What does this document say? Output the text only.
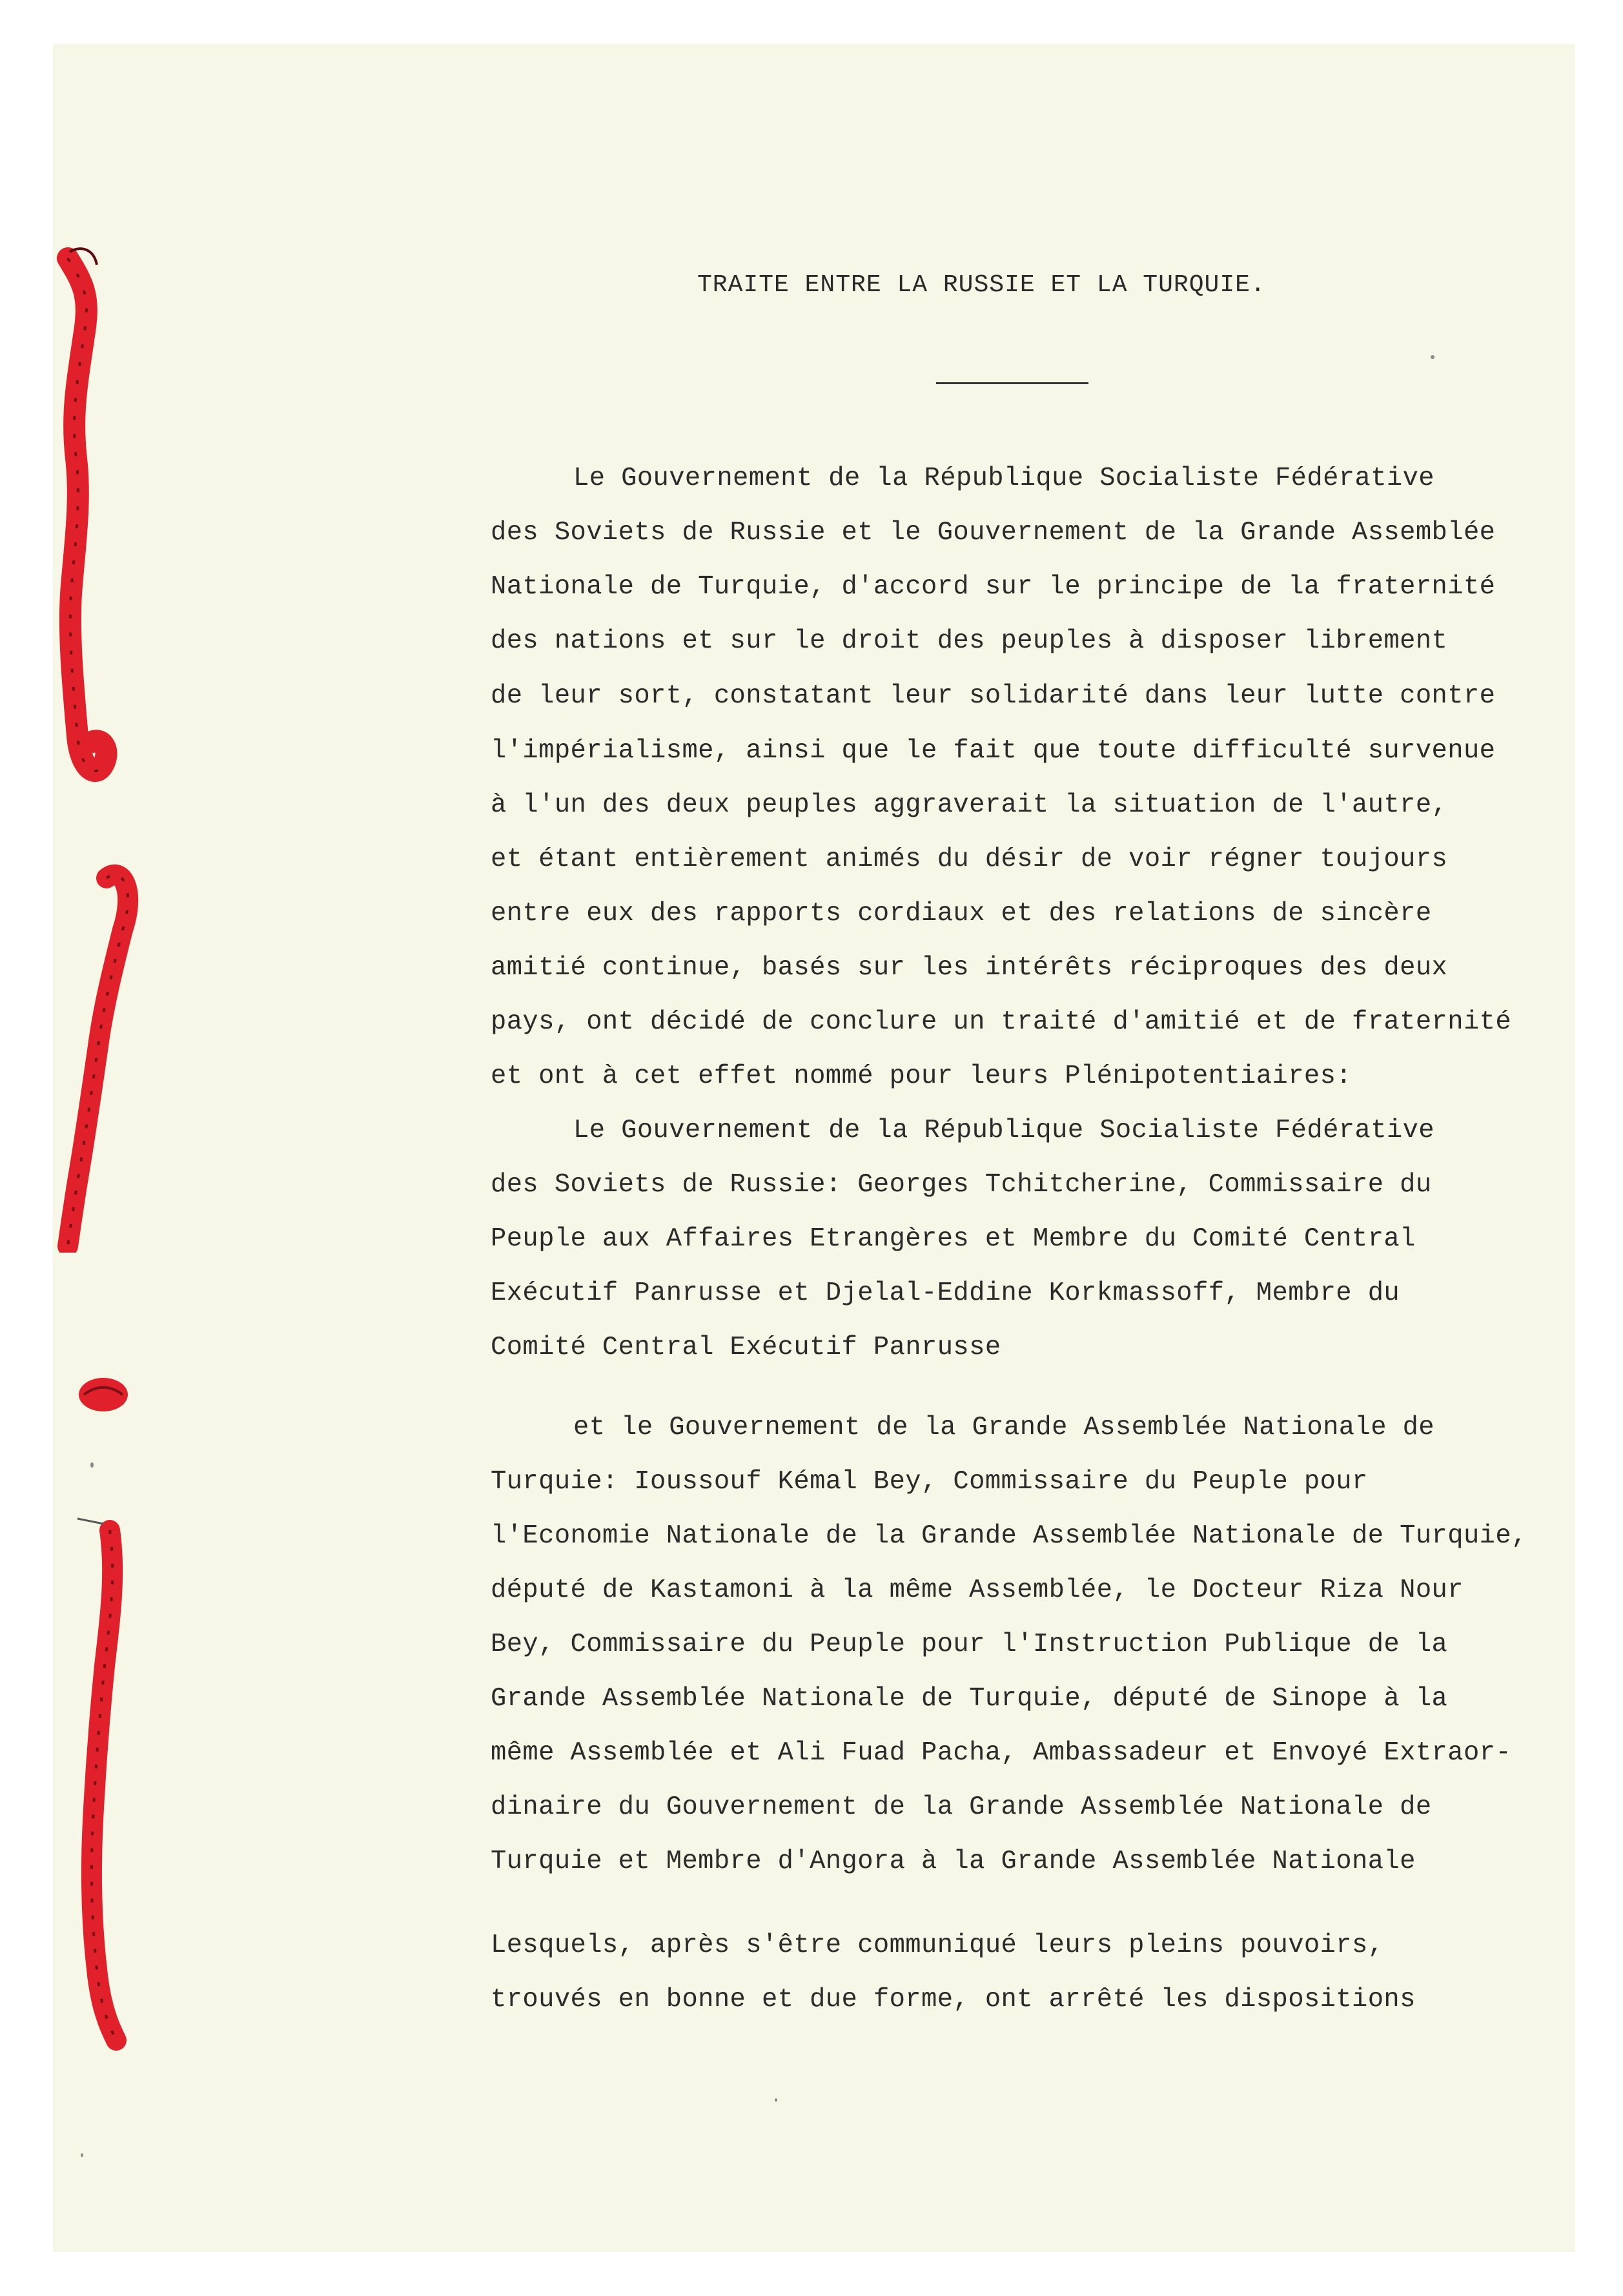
TRAITE ENTRE LA RUSSIE ET LA TURQUIE.
Le Gouvernement de la République Socialiste Fédérative
des Soviets de Russie et le Gouvernement de la Grande Assemblée
Nationale de Turquie, d'accord sur le principe de la fraternité
des nations et sur le droit des peuples à disposer librement
de leur sort, constatant leur solidarité dans leur lutte contre
l'impérialisme, ainsi que le fait que toute difficulté survenue
à l'un des deux peuples aggraverait la situation de l'autre,
et étant entièrement animés du désir de voir régner toujours
entre eux des rapports cordiaux et des relations de sincère
amitié continue, basés sur les intérêts réciproques des deux
pays, ont décidé de conclure un traité d'amitié et de fraternité
et ont à cet effet nommé pour leurs Plénipotentiaires:
Le Gouvernement de la République Socialiste Fédérative
des Soviets de Russie: Georges Tchitcherine, Commissaire du
Peuple aux Affaires Etrangères et Membre du Comité Central
Exécutif Panrusse et Djelal-Eddine Korkmassoff, Membre du
Comité Central Exécutif Panrusse
et le Gouvernement de la Grande Assemblée Nationale de
Turquie: Ioussouf Kémal Bey, Commissaire du Peuple pour
l'Economie Nationale de la Grande Assemblée Nationale de Turquie,
député de Kastamoni à la même Assemblée, le Docteur Riza Nour
Bey, Commissaire du Peuple pour l'Instruction Publique de la
Grande Assemblée Nationale de Turquie, député de Sinope à la
même Assemblée et Ali Fuad Pacha, Ambassadeur et Envoyé Extraor-
dinaire du Gouvernement de la Grande Assemblée Nationale de
Turquie et Membre d'Angora à la Grande Assemblée Nationale
Lesquels, après s'être communiqué leurs pleins pouvoirs,
trouvés en bonne et due forme, ont arrêté les dispositions
